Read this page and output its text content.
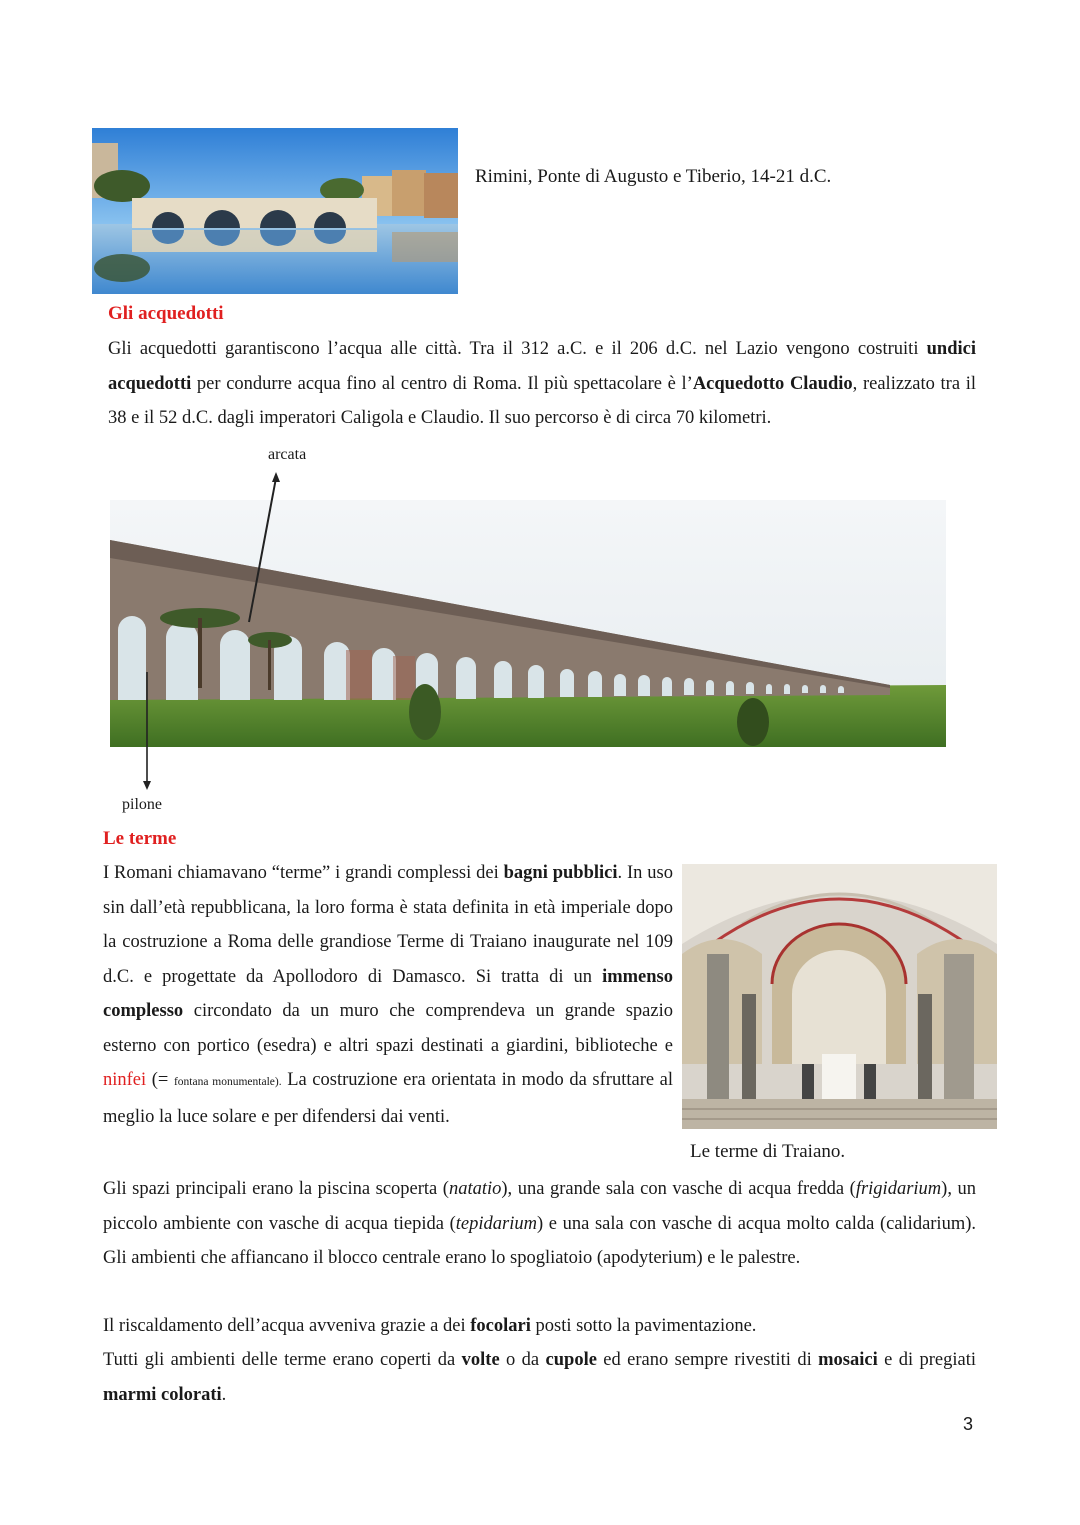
Rimini, Ponte di Augusto e Tiberio, 14-21 d.C.
Gli acquedotti
Gli acquedotti garantiscono l’acqua alle città. Tra il 312 a.C. e il 206 d.C. nel Lazio vengono costruiti undici acquedotti per condurre acqua fino al centro di Roma. Il più spettacolare è l’Acquedotto Claudio, realizzato tra il 38 e il 52 d.C. dagli imperatori Caligola e Claudio. Il suo percorso è di circa 70 kilometri.
arcata
pilone
Le terme
I Romani chiamavano “terme” i grandi complessi dei bagni pubblici. In uso sin dall’età repubblicana, la loro forma è stata definita in età imperiale dopo la costruzione a Roma delle grandiose Terme di Traiano inaugurate nel 109 d.C. e progettate da Apollodoro di Damasco. Si tratta di un immenso complesso circondato da un muro che comprendeva un grande spazio esterno con portico (esedra) e altri spazi destinati a giardini, biblioteche e ninfei (= fontana monumentale). La costruzione era orientata in modo da sfruttare al meglio la luce solare e per difendersi dai venti.
Le terme di Traiano.
Gli spazi principali erano la piscina scoperta (natatio), una grande sala con vasche di acqua fredda (frigidarium), un piccolo ambiente con vasche di acqua tiepida (tepidarium) e una sala con vasche di acqua molto calda (calidarium). Gli ambienti che affiancano il blocco centrale erano lo spogliatoio (apodyterium) e le palestre.
Il riscaldamento dell’acqua avveniva grazie a dei focolari posti sotto la pavimentazione.
Tutti gli ambienti delle terme erano coperti da volte o da cupole ed erano sempre rivestiti di mosaici e di pregiati marmi colorati.
3
